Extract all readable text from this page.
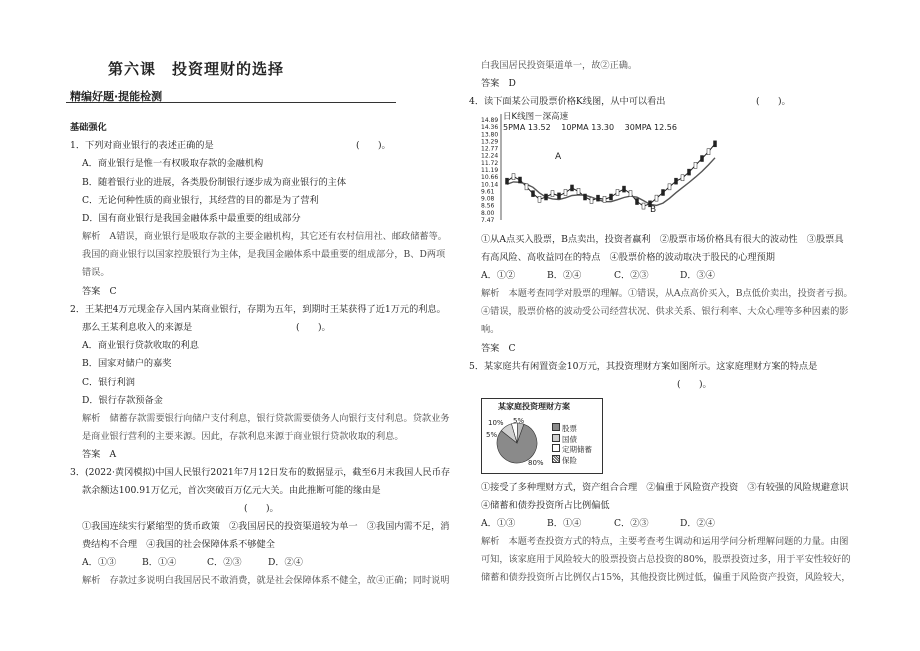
第六课　投资理财的选择
精编好题·提能检测
基础强化
1．下列对商业银行的表述正确的是	(　　)。
A．商业银行是惟一有权吸取存款的金融机构
B．随着银行业的进展，各类股份制银行逐步成为商业银行的主体
C．无论何种性质的商业银行，其经营的目的都是为了营利
D．国有商业银行是我国金融体系中最重要的组成部分
解析　A错误，商业银行是吸取存款的主要金融机构，其它还有农村信用社、邮政储蓄等。
我国的商业银行以国家控股银行为主体，是我国金融体系中最重要的组成部分，B、D两项
错误。
答案　C
2．王某把4万元现金存入国内某商业银行，存期为五年，到期时王某获得了近1万元的利息。
那么王某利息收入的来源是	(　　)。
A．商业银行贷款收取的利息
B．国家对储户的嘉奖
C．银行利润
D．银行存款预备金
解析　储蓄存款需要银行向储户支付利息，银行贷款需要债务人向银行支付利息。贷款业务
是商业银行营利的主要来源。因此，存款利息来源于商业银行贷款收取的利息。
答案　A
3．(2022·黄冈模拟)中国人民银行2021年7月12日发布的数据显示，截至6月末我国人民币存
款余额达100.91万亿元，首次突破百万亿元大关。由此推断可能的缘由是
(　　)。
①我国连续实行紧缩型的货币政策　②我国居民的投资渠道较为单一　③我国内需不足，消
费结构不合理　④我国的社会保障体系不够健全
A．①③	B．①④	C．②③	D．②④
解析　存款过多说明白我国居民不敢消费，就是社会保障体系不健全，故④正确；同时说明
白我国居民投资渠道单一，故②正确。
答案　D
4．读下面某公司股票价格K线图，从中可以看出	(　　)。
14.89
14.36
13.80
13.29
12.77
12.24
11.72
11.19
10.66
10.14
9.61
9.08
8.56
8.00
7.47
日K线图－深高速
5PMA 13.52　 10PMA 13.30　 30MPA 12.56
A
B
①从A点买入股票，B点卖出，投资者赢利　②股票市场价格具有很大的波动性　③股票具
有高风险、高收益同在的特点　④股票价格的波动取决于股民的心理预期
A．①②	B．②④	C．②③	D．③④
解析　本题考查同学对股票的理解。①错误，从A点高价买入，B点低价卖出，投资者亏损。
④错误，股票价格的波动受公司经营状况、供求关系、银行利率、大众心理等多种因素的影
响。
答案　C
5．某家庭共有闲置资金10万元，其投资理财方案如图所示。这家庭理财方案的特点是
(　　)。
某家庭投资理财方案
10% 5%
5%
80%
股票
国债
定期储蓄
保险
①接受了多种理财方式，资产组合合理　②偏重于风险资产投资　③有较强的风险规避意识
④储蓄和债券投资所占比例偏低
A．①③	B．①④	C．②③	D．②④
解析　本题考查投资方式的特点，主要考查考生调动和运用学问分析理解问题的力量。由图
可知，该家庭用于风险较大的股票投资占总投资的80%，股票投资过多，用于平安性较好的
储蓄和债券投资所占比例仅占15%，其他投资比例过低，偏重于风险资产投资，风险较大，
